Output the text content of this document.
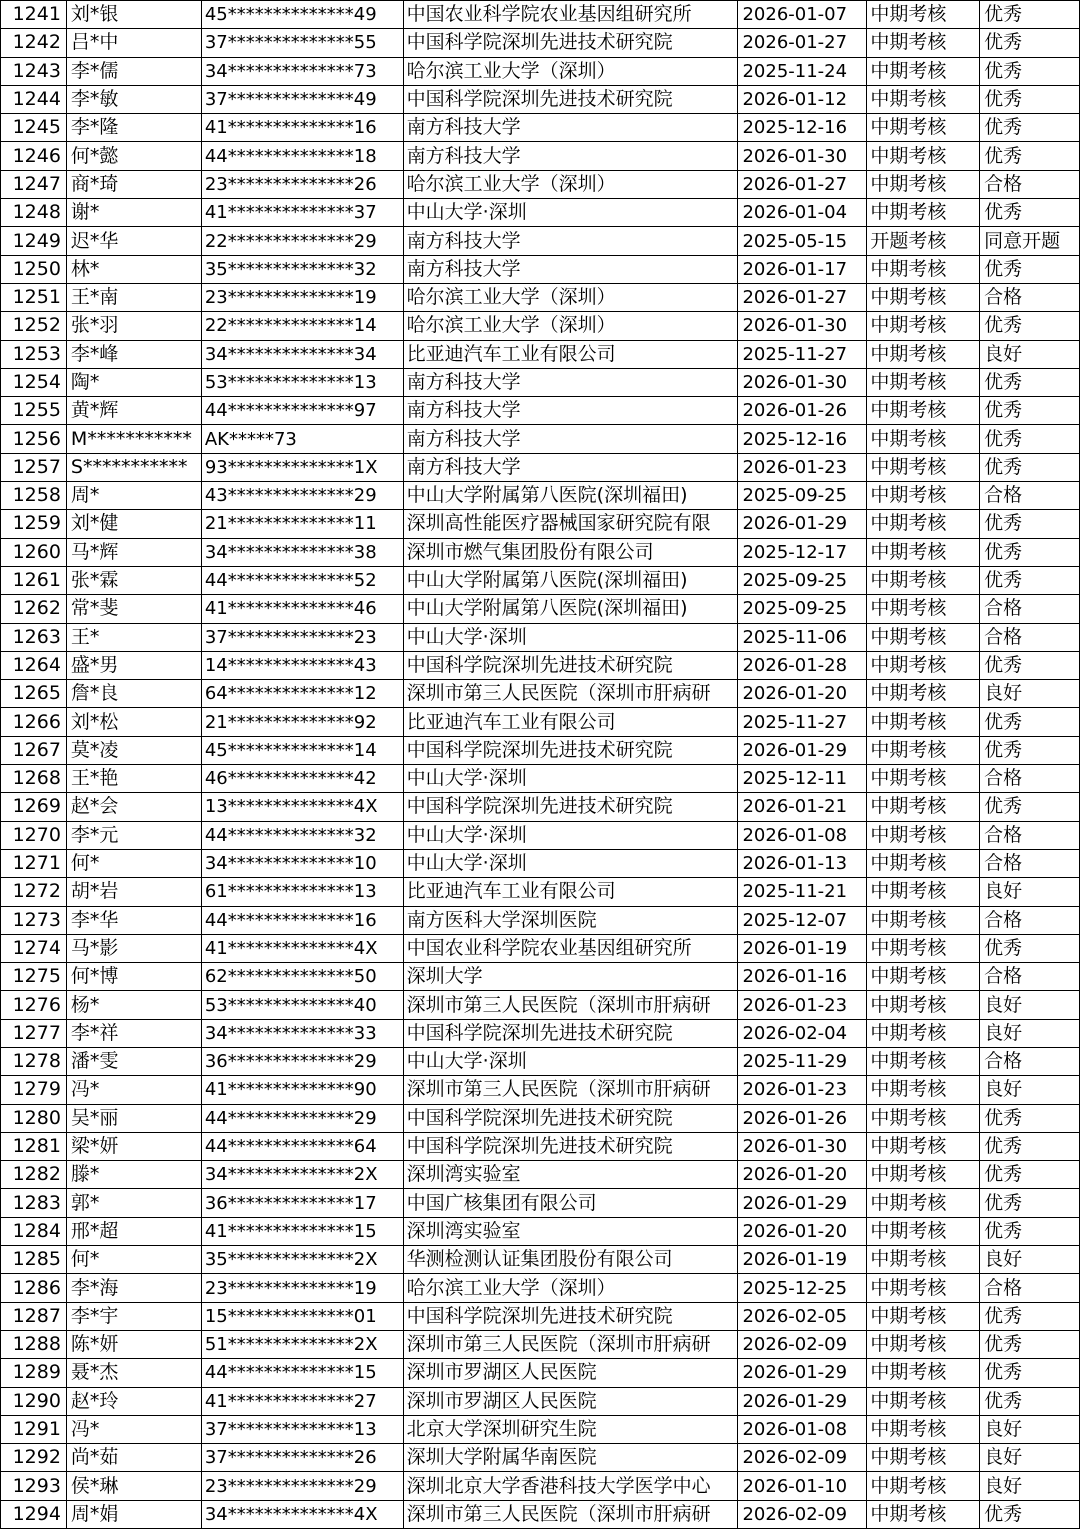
1241	刘*银	45**************49	中国农业科学院农业基因组研究所	2026-01-07	中期考核	优秀
1242	吕*中	37**************55	中国科学院深圳先进技术研究院	2026-01-27	中期考核	优秀
1243	李*儒	34**************73	哈尔滨工业大学（深圳）	2025-11-24	中期考核	优秀
1244	李*敏	37**************49	中国科学院深圳先进技术研究院	2026-01-12	中期考核	优秀
1245	李*隆	41**************16	南方科技大学	2025-12-16	中期考核	优秀
1246	何*懿	44**************18	南方科技大学	2026-01-30	中期考核	优秀
1247	商*琦	23**************26	哈尔滨工业大学（深圳）	2026-01-27	中期考核	合格
1248	谢*	41**************37	中山大学·深圳	2026-01-04	中期考核	优秀
1249	迟*华	22**************29	南方科技大学	2025-05-15	开题考核	同意开题
1250	林*	35**************32	南方科技大学	2026-01-17	中期考核	优秀
1251	王*南	23**************19	哈尔滨工业大学（深圳）	2026-01-27	中期考核	合格
1252	张*羽	22**************14	哈尔滨工业大学（深圳）	2026-01-30	中期考核	优秀
1253	李*峰	34**************34	比亚迪汽车工业有限公司	2025-11-27	中期考核	良好
1254	陶*	53**************13	南方科技大学	2026-01-30	中期考核	优秀
1255	黄*辉	44**************97	南方科技大学	2026-01-26	中期考核	优秀
1256	M***********	AK*****73	南方科技大学	2025-12-16	中期考核	优秀
1257	S***********	93**************1X	南方科技大学	2026-01-23	中期考核	优秀
1258	周*	43**************29	中山大学附属第八医院(深圳福田)	2025-09-25	中期考核	合格
1259	刘*健	21**************11	深圳高性能医疗器械国家研究院有限	2026-01-29	中期考核	优秀
1260	马*辉	34**************38	深圳市燃气集团股份有限公司	2025-12-17	中期考核	优秀
1261	张*霖	44**************52	中山大学附属第八医院(深圳福田)	2025-09-25	中期考核	优秀
1262	常*斐	41**************46	中山大学附属第八医院(深圳福田)	2025-09-25	中期考核	合格
1263	王*	37**************23	中山大学·深圳	2025-11-06	中期考核	合格
1264	盛*男	14**************43	中国科学院深圳先进技术研究院	2026-01-28	中期考核	优秀
1265	詹*良	64**************12	深圳市第三人民医院（深圳市肝病研	2026-01-20	中期考核	良好
1266	刘*松	21**************92	比亚迪汽车工业有限公司	2025-11-27	中期考核	优秀
1267	莫*凌	45**************14	中国科学院深圳先进技术研究院	2026-01-29	中期考核	优秀
1268	王*艳	46**************42	中山大学·深圳	2025-12-11	中期考核	合格
1269	赵*会	13**************4X	中国科学院深圳先进技术研究院	2026-01-21	中期考核	优秀
1270	李*元	44**************32	中山大学·深圳	2026-01-08	中期考核	合格
1271	何*	34**************10	中山大学·深圳	2026-01-13	中期考核	合格
1272	胡*岩	61**************13	比亚迪汽车工业有限公司	2025-11-21	中期考核	良好
1273	李*华	44**************16	南方医科大学深圳医院	2025-12-07	中期考核	合格
1274	马*影	41**************4X	中国农业科学院农业基因组研究所	2026-01-19	中期考核	优秀
1275	何*博	62**************50	深圳大学	2026-01-16	中期考核	合格
1276	杨*	53**************40	深圳市第三人民医院（深圳市肝病研	2026-01-23	中期考核	良好
1277	李*祥	34**************33	中国科学院深圳先进技术研究院	2026-02-04	中期考核	良好
1278	潘*雯	36**************29	中山大学·深圳	2025-11-29	中期考核	合格
1279	冯*	41**************90	深圳市第三人民医院（深圳市肝病研	2026-01-23	中期考核	良好
1280	吴*丽	44**************29	中国科学院深圳先进技术研究院	2026-01-26	中期考核	优秀
1281	梁*妍	44**************64	中国科学院深圳先进技术研究院	2026-01-30	中期考核	优秀
1282	滕*	34**************2X	深圳湾实验室	2026-01-20	中期考核	优秀
1283	郭*	36**************17	中国广核集团有限公司	2026-01-29	中期考核	优秀
1284	邢*超	41**************15	深圳湾实验室	2026-01-20	中期考核	优秀
1285	何*	35**************2X	华测检测认证集团股份有限公司	2026-01-19	中期考核	良好
1286	李*海	23**************19	哈尔滨工业大学（深圳）	2025-12-25	中期考核	合格
1287	李*宇	15**************01	中国科学院深圳先进技术研究院	2026-02-05	中期考核	优秀
1288	陈*妍	51**************2X	深圳市第三人民医院（深圳市肝病研	2026-02-09	中期考核	优秀
1289	聂*杰	44**************15	深圳市罗湖区人民医院	2026-01-29	中期考核	优秀
1290	赵*玲	41**************27	深圳市罗湖区人民医院	2026-01-29	中期考核	优秀
1291	冯*	37**************13	北京大学深圳研究生院	2026-01-08	中期考核	良好
1292	尚*茹	37**************26	深圳大学附属华南医院	2026-02-09	中期考核	良好
1293	侯*琳	23**************29	深圳北京大学香港科技大学医学中心	2026-01-10	中期考核	良好
1294	周*娟	34**************4X	深圳市第三人民医院（深圳市肝病研	2026-02-09	中期考核	优秀
